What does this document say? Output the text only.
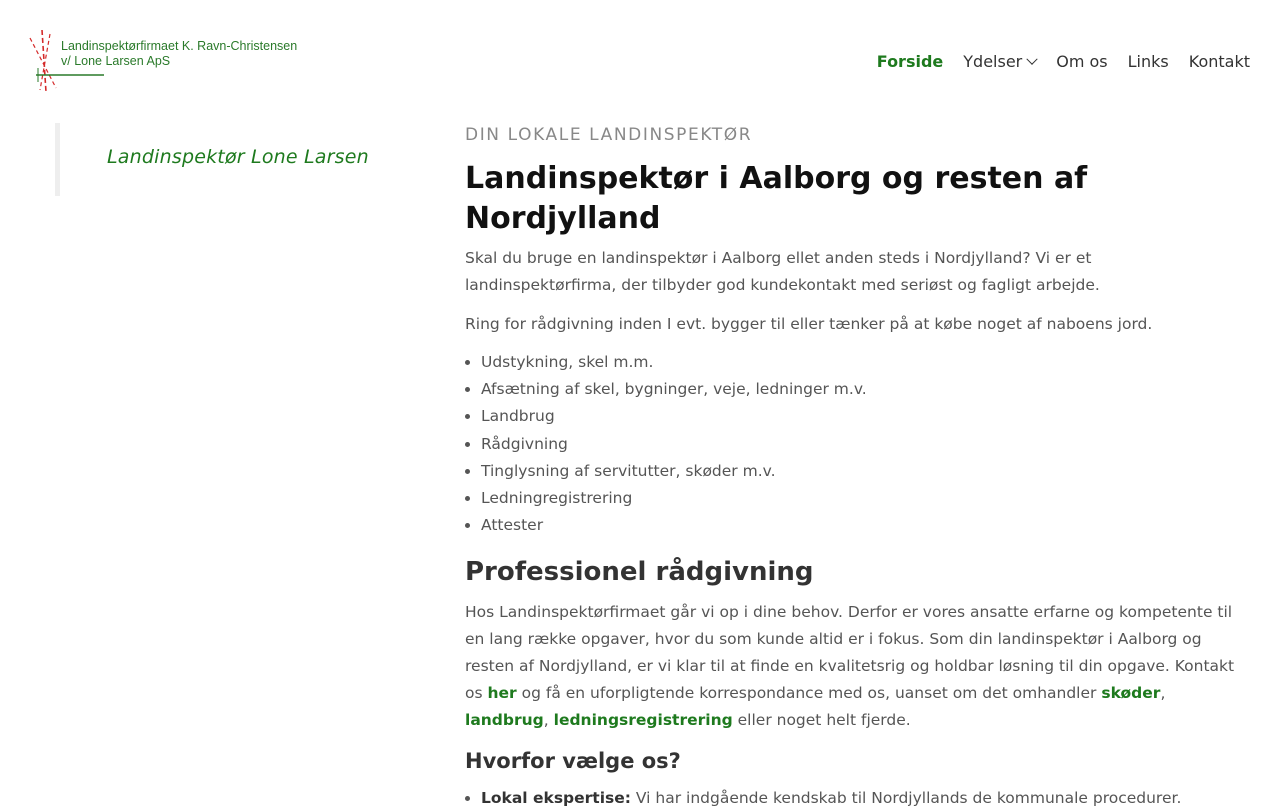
Landinspektørfirmaet K. Ravn-Christensen
v/ Lone Larsen ApS	Forside Ydelser Om os Links Kontakt
Landinspektør Lone Larsen
DIN LOKALE LANDINSPEKTØR
Landinspektør i Aalborg og resten af Nordjylland

Skal du bruge en landinspektør i Aalborg ellet anden steds i Nordjylland? Vi er et landinspektørfirma, der tilbyder god kundekontakt med seriøst og fagligt arbejde.

Ring for rådgivning inden I evt. bygger til eller tænker på at købe noget af naboens jord.

• Udstykning, skel m.m.
• Afsætning af skel, bygninger, veje, ledninger m.v.
• Landbrug
• Rådgivning
• Tinglysning af servitutter, skøder m.v.
• Ledningregistrering
• Attester
Professionel rådgivning

Hos Landinspektørfirmaet går vi op i dine behov. Derfor er vores ansatte erfarne og kompetente til en lang række opgaver, hvor du som kunde altid er i fokus. Som din landinspektør i Aalborg og resten af Nordjylland, er vi klar til at finde en kvalitetsrig og holdbar løsning til din opgave. Kontakt os her og få en uforpligtende korrespondance med os, uanset om det omhandler skøder, landbrug, ledningsregistrering eller noget helt fjerde.

Hvorfor vælge os?
• Lokal ekspertise: Vi har indgående kendskab til Nordjyllands de kommunale procedurer.
